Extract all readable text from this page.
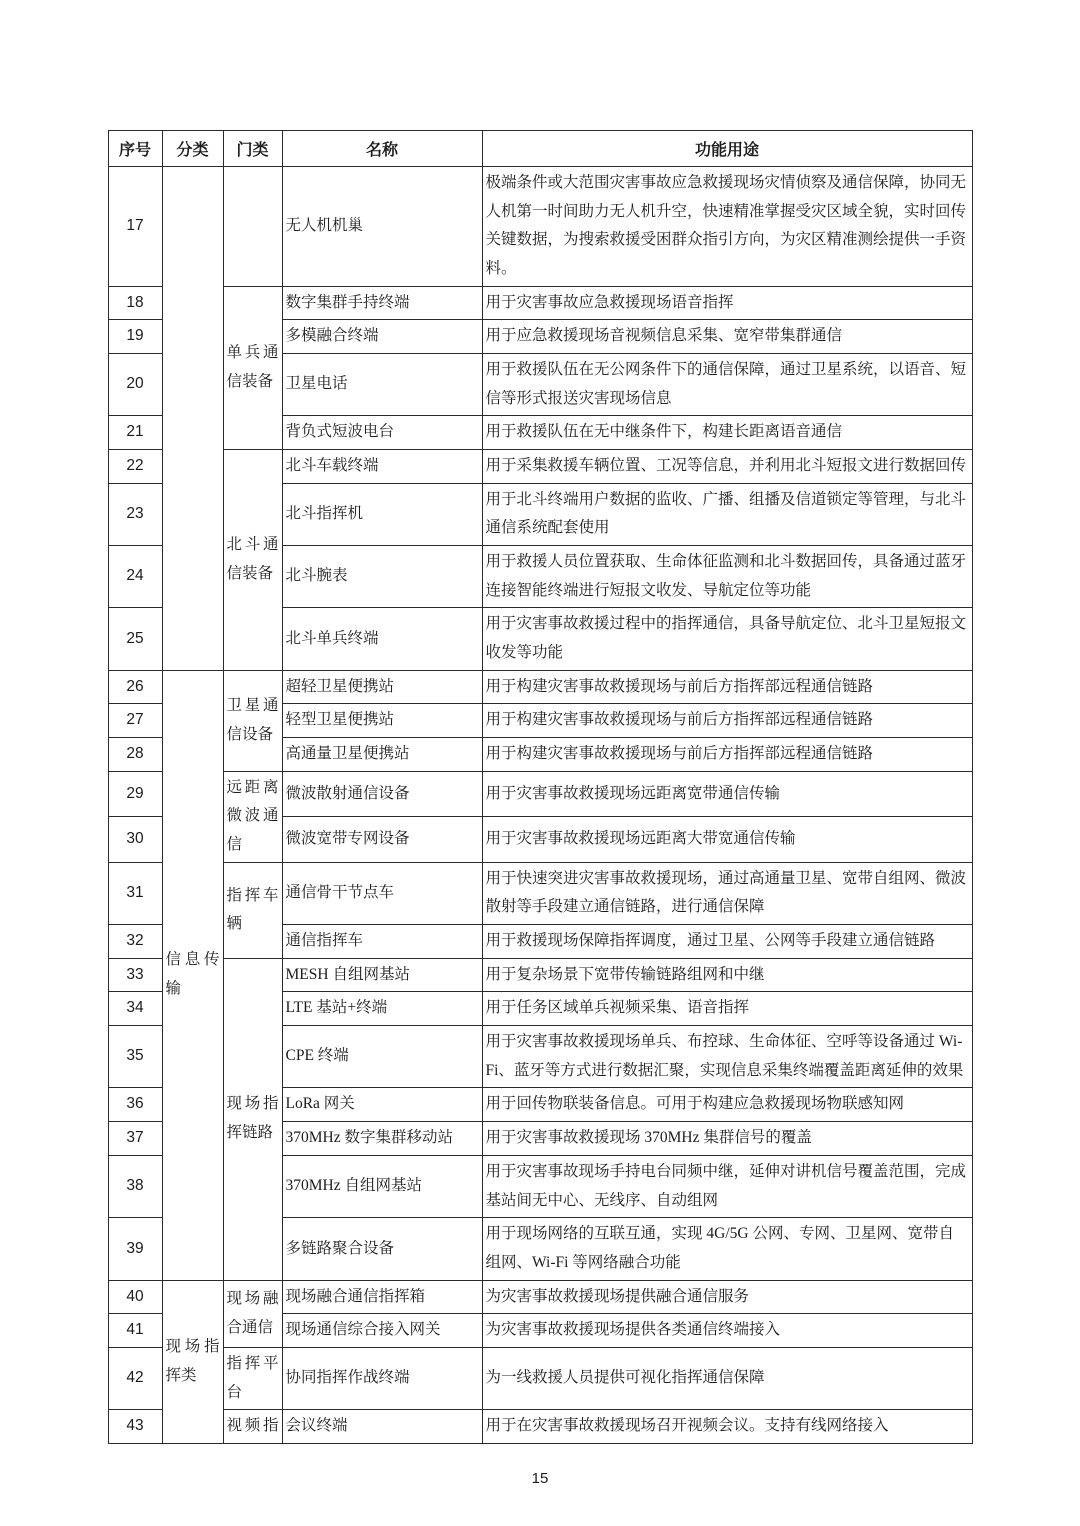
序号	分类	门类	名称	功能用途
17			无人机机巢	极端条件或大范围灾害事故应急救援现场灾情侦察及通信保障，协同无人机第一时间助力无人机升空，快速精准掌握受灾区域全貌，实时回传关键数据，为搜索救援受困群众指引方向，为灾区精准测绘提供一手资料。
18		单兵通信装备	数字集群手持终端	用于灾害事故应急救援现场语音指挥
19			多模融合终端	用于应急救援现场音视频信息采集、宽窄带集群通信
20			卫星电话	用于救援队伍在无公网条件下的通信保障，通过卫星系统，以语音、短信等形式报送灾害现场信息
21			背负式短波电台	用于救援队伍在无中继条件下，构建长距离语音通信
22		北斗通信装备	北斗车载终端	用于采集救援车辆位置、工况等信息，并利用北斗短报文进行数据回传
23			北斗指挥机	用于北斗终端用户数据的监收、广播、组播及信道锁定等管理，与北斗通信系统配套使用
24			北斗腕表	用于救援人员位置获取、生命体征监测和北斗数据回传，具备通过蓝牙连接智能终端进行短报文收发、导航定位等功能
25			北斗单兵终端	用于灾害事故救援过程中的指挥通信，具备导航定位、北斗卫星短报文收发等功能
26	信息传输	卫星通信设备	超轻卫星便携站	用于构建灾害事故救援现场与前后方指挥部远程通信链路
27			轻型卫星便携站	用于构建灾害事故救援现场与前后方指挥部远程通信链路
28			高通量卫星便携站	用于构建灾害事故救援现场与前后方指挥部远程通信链路
29		远距离微波通信	微波散射通信设备	用于灾害事故救援现场远距离宽带通信传输
30			微波宽带专网设备	用于灾害事故救援现场远距离大带宽通信传输
31		指挥车辆	通信骨干节点车	用于快速突进灾害事故救援现场，通过高通量卫星、宽带自组网、微波散射等手段建立通信链路，进行通信保障
32			通信指挥车	用于救援现场保障指挥调度，通过卫星、公网等手段建立通信链路
33		现场指挥链路	MESH 自组网基站	用于复杂场景下宽带传输链路组网和中继
34			LTE 基站+终端	用于任务区域单兵视频采集、语音指挥
35			CPE 终端	用于灾害事故救援现场单兵、布控球、生命体征、空呼等设备通过 Wi-Fi、蓝牙等方式进行数据汇聚，实现信息采集终端覆盖距离延伸的效果
36			LoRa 网关	用于回传物联装备信息。可用于构建应急救援现场物联感知网
37			370MHz 数字集群移动站	用于灾害事故救援现场 370MHz 集群信号的覆盖
38			370MHz 自组网基站	用于灾害事故现场手持电台同频中继，延伸对讲机信号覆盖范围，完成基站间无中心、无线序、自动组网
39			多链路聚合设备	用于现场网络的互联互通，实现 4G/5G 公网、专网、卫星网、宽带自组网、Wi-Fi 等网络融合功能
40	现场指挥类	现场融合通信	现场融合通信指挥箱	为灾害事故救援现场提供融合通信服务
41			现场通信综合接入网关	为灾害事故救援现场提供各类通信终端接入
42		指挥平台	协同指挥作战终端	为一线救援人员提供可视化指挥通信保障
43		视频指	会议终端	用于在灾害事故救援现场召开视频会议。支持有线网络接入
15
